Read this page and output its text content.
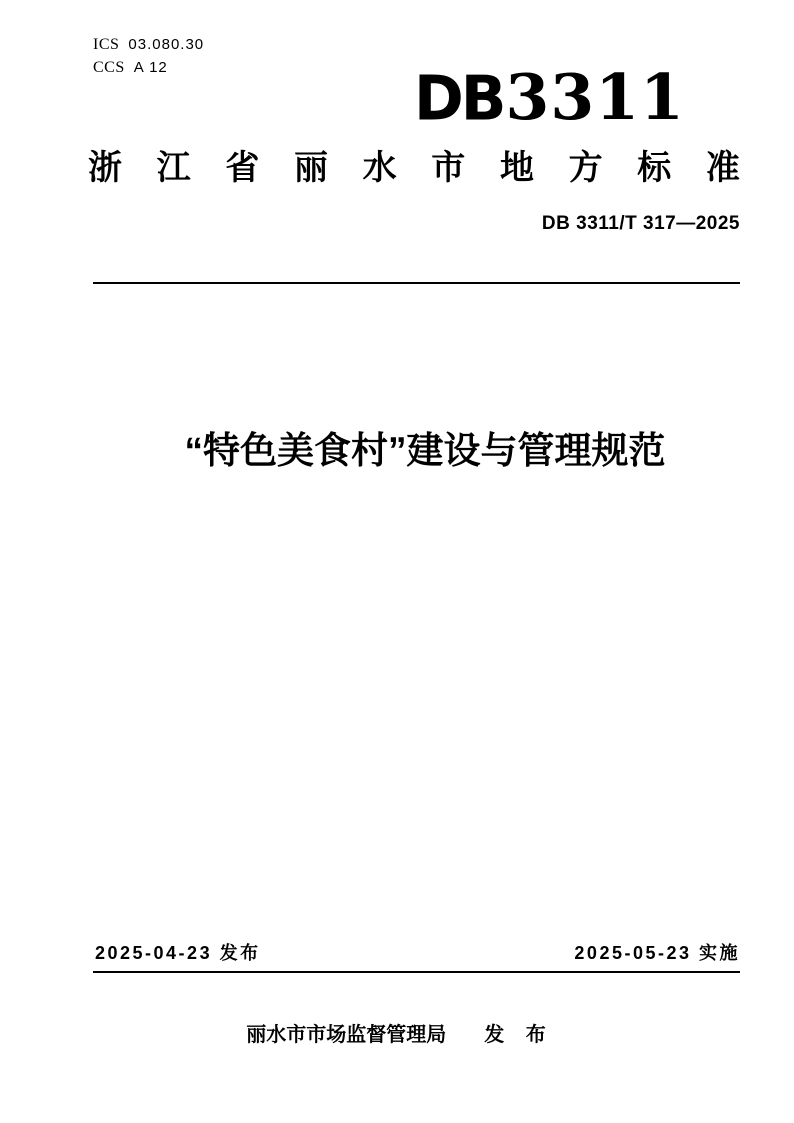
ICS 03.080.30
CCS A 12	DB3311
浙 江 省 丽 水 市 地 方 标 准
DB 3311/T 317—2025
“特色美食村”建设与管理规范
2025-04-23 发布	2025-05-23 实施
丽水市市场监督管理局 发 布
